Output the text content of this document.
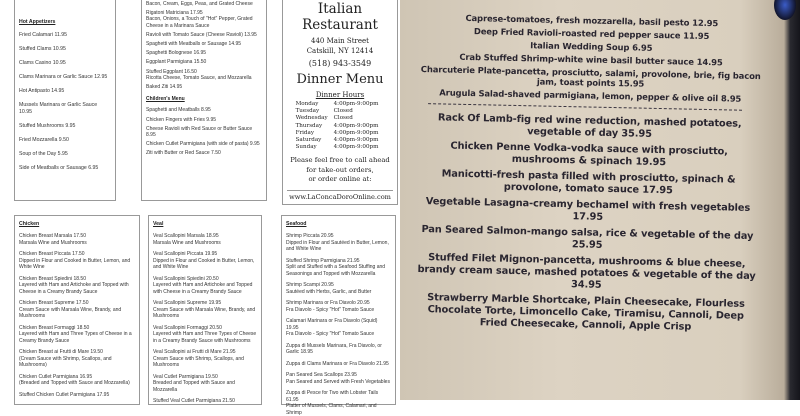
Hot Appetizers
Fried Calamari 11.95
Stuffed Clams 10.95
Clams Casino 10.95
Clams Marinara or Garlic Sauce 12.95
Hot Antipasto 14.95
Mussels Marinara or Garlic Sauce 10.95
Stuffed Mushrooms 9.95
Fried Mozzarella 9.50
Soup of the Day 5.95
Side of Meatballs or Sausage 6.95
Bacon, Cream, Eggs, Peas, and Grated Cheese
Rigatoni Matriciana 17.95
Bacon, Onions, a Touch of "Hot" Pepper, Grated Cheese in a Marinara Sauce
Ravioli with Tomato Sauce (Cheese Ravioli) 13.95
Spaghetti with Meatballs or Sausage 14.95
Spaghetti Bolognese 16.95
Eggplant Parmigiana 15.50
Stuffed Eggplant 16.50
Ricotta Cheese, Tomato Sauce, and Mozzarella
Baked Ziti 14.95
Children's Menu
Spaghetti and Meatballs 8.95
Chicken Fingers with Fries 9.95
Cheese Ravioli with Red Sauce or Butter Sauce 8.95
Chicken Cutlet Parmigiana (with side of pasta) 9.95
Ziti with Butter or Red Sauce 7.50
Italian Restaurant
440 Main Street
Catskill, NY 12414
(518) 943-3549
Dinner Menu
Dinner Hours
Monday	4:00pm-9:00pm
Tuesday	Closed
Wednesday	Closed
Thursday	4:00pm-9:00pm
Friday	4:00pm-9:00pm
Saturday	4:00pm-9:00pm
Sunday	4:00pm-9:00pm
Please feel free to call ahead
for take-out orders,
or order online at:
www.LaConcaDoroOnline.com
Chicken
Chicken Breast Marsala 17.50
Marsala Wine and Mushrooms
Chicken Breast Piccata 17.50
Dipped in Flour and Cooked in Butter, Lemon, and White Wine
Chicken Breast Spiedini 18.50
Layered with Ham and Artichoke and Topped with Cheese in a Creamy Brandy Sauce
Chicken Breast Supreme 17.50
Cream Sauce with Marsala Wine, Brandy, and Mushrooms
Chicken Breast Formaggi 18.50
Layered with Ham and Three Types of Cheese in a Creamy Brandy Sauce
Chicken Breast ai Frutti di Mare 19.50
(Cream Sauce with Shrimp, Scallops, and Mushrooms)
Chicken Cutlet Parmigiana 16.95
(Breaded and Topped with Sauce and Mozzarella)
Stuffed Chicken Cutlet Parmigiana 17.95
Veal
Veal Scallopini Marsala 18.95
Marsala Wine and Mushrooms
Veal Scallopini Piccata 19.95
Dipped in Flour and Cooked in Butter, Lemon, and White Wine
Veal Scallopini Spiedini 20.50
Layered with Ham and Artichoke and Topped with Cheese in a Creamy Brandy Sauce
Veal Scallopini Supreme 19.95
Cream Sauce with Marsala Wine, Brandy, and Mushrooms
Veal Scallopini Formaggi 20.50
Layered with Ham and Three Types of Cheese in a Creamy Brandy Sauce with Mushrooms
Veal Scallopini ai Frutti di Mare 21.95
Cream Sauce with Shrimp, Scallops, and Mushrooms
Veal Cutlet Parmigiana 19.50
Breaded and Topped with Sauce and Mozzarella
Stuffed Veal Cutlet Parmigiana 21.50
Seafood
Shrimp Piccata 20.95
Dipped in Flour and Sautéed in Butter, Lemon, and White Wine
Stuffed Shrimp Parmigiana 21.95
Split and Stuffed with a Seafood Stuffing and Seasonings and Topped with Mozzarella
Shrimp Scampi 20.95
Sautéed with Herbs, Garlic, and Butter
Shrimp Marinara or Fra Diavolo 20.95
Fra Diavolo - Spicy "Hot" Tomato Sauce
Calamari Marinara or Fra Diavolo (Squid) 19.95
Fra Diavolo - Spicy "Hot" Tomato Sauce
Zuppa di Mussels Marinara, Fra Diavolo, or Garlic 18.95
Zuppa di Clams Marinara or Fra Diavolo 21.95
Pan Seared Sea Scallops 23.95
Pan Seared and Served with Fresh Vegetables
Zuppa di Pesce for Two with Lobster Tails 61.95
Platter of Mussels, Clams, Calamari, and Shrimp
Caprese-tomatoes, fresh mozzarella, basil pesto 12.95
Deep Fried Ravioli-roasted red pepper sauce 11.95
Italian Wedding Soup 6.95
Crab Stuffed Shrimp-white wine basil butter sauce 14.95
Charcuterie Plate-pancetta, prosciutto, salami, provolone, brie, fig bacon jam, toast points 15.95
Arugula Salad-shaved parmigiana, lemon, pepper & olive oil 8.95
Rack Of Lamb-fig red wine reduction, mashed potatoes, vegetable of day 35.95
Chicken Penne Vodka-vodka sauce with prosciutto, mushrooms & spinach 19.95
Manicotti-fresh pasta filled with prosciutto, spinach & provolone, tomato sauce 17.95
Vegetable Lasagna-creamy bechamel with fresh vegetables 17.95
Pan Seared Salmon-mango salsa, rice & vegetable of the day 25.95
Stuffed Filet Mignon-pancetta, mushrooms & blue cheese, brandy cream sauce, mashed potatoes & vegetable of the day 34.95
Strawberry Marble Shortcake, Plain Cheesecake, Flourless Chocolate Torte, Limoncello Cake, Tiramisu, Cannoli, Deep Fried Cheesecake, Cannoli, Apple Crisp
